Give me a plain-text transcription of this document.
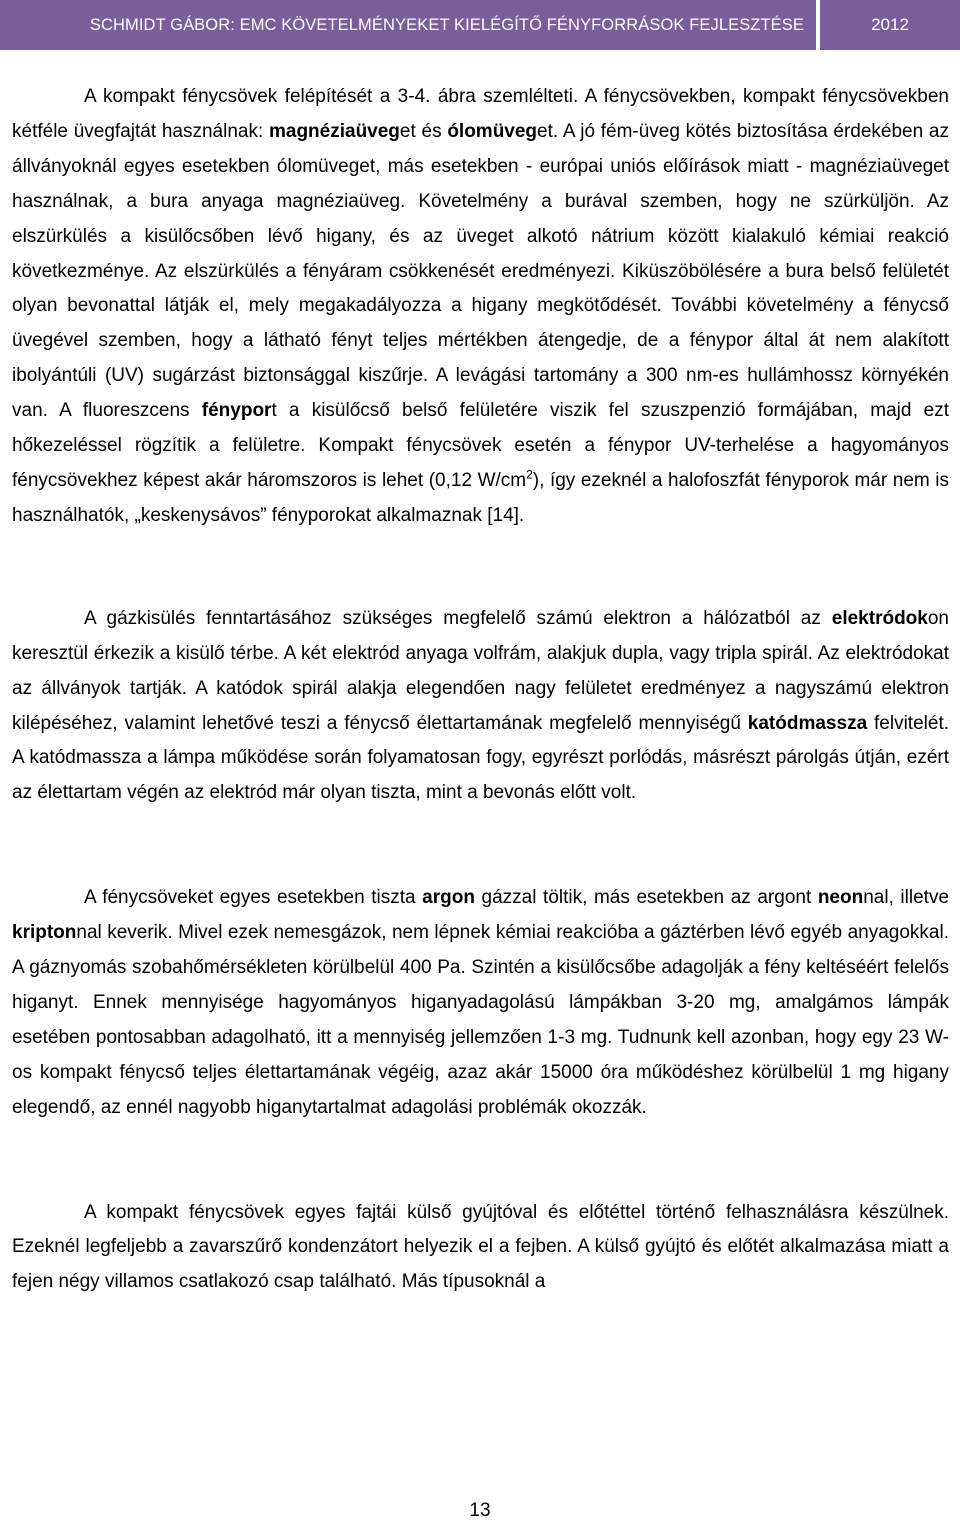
SCHMIDT GÁBOR: EMC KÖVETELMÉNYEKET KIELÉGÍTŐ FÉNYFORRÁSOK FEJLESZTÉSE	2012

A kompakt fénycsövek felépítését a 3-4. ábra szemlélteti. A fénycsövekben, kompakt fénycsövekben kétféle üvegfajtát használnak: magnéziaüveget és ólomüveget. A jó fém-üveg kötés biztosítása érdekében az állványoknál egyes esetekben ólomüveget, más esetekben - európai uniós előírások miatt - magnéziaüveget használnak, a bura anyaga magnéziaüveg. Követelmény a burával szemben, hogy ne szürküljön. Az elszürkülés a kisülőcsőben lévő higany, és az üveget alkotó nátrium között kialakuló kémiai reakció következménye. Az elszürkülés a fényáram csökkenését eredményezi. Kiküszöbölésére a bura belső felületét olyan bevonattal látják el, mely megakadályozza a higany megkötődését. További követelmény a fénycső üvegével szemben, hogy a látható fényt teljes mértékben átengedje, de a fénypor által át nem alakított ibolyántúli (UV) sugárzást biztonsággal kiszűrje. A levágási tartomány a 300 nm-es hullámhossz környékén van. A fluoreszcens fényport a kisülőcső belső felületére viszik fel szuszpenzió formájában, majd ezt hőkezeléssel rögzítik a felületre. Kompakt fénycsövek esetén a fénypor UV-terhelése a hagyományos fénycsövekhez képest akár háromszoros is lehet (0,12 $W/cm^2$), így ezeknél a halofoszfát fényporok már nem is használhatók, „keskenysávos” fényporokat alkalmaznak [14].

A gázkisülés fenntartásához szükséges megfelelő számú elektron a hálózatból az elektródokon keresztül érkezik a kisülő térbe. A két elektród anyaga volfrám, alakjuk dupla, vagy tripla spirál. Az elektródokat az állványok tartják. A katódok spirál alakja elegendően nagy felületet eredményez a nagyszámú elektron kilépéséhez, valamint lehetővé teszi a fénycső élettartamának megfelelő mennyiségű katódmassza felvitelét. A katódmassza a lámpa működése során folyamatosan fogy, egyrészt porlódás, másrészt párolgás útján, ezért az élettartam végén az elektród már olyan tiszta, mint a bevonás előtt volt.

A fénycsöveket egyes esetekben tiszta argon gázzal töltik, más esetekben az argont neonnal, illetve kriptonnal keverik. Mivel ezek nemesgázok, nem lépnek kémiai reakcióba a gáztérben lévő egyéb anyagokkal. A gáznyomás szobahőmérsékleten körülbelül 400 Pa. Szintén a kisülőcsőbe adagolják a fény keltéséért felelős higanyt. Ennek mennyisége hagyományos higanyadagolású lámpákban 3-20 mg, amalgámos lámpák esetében pontosabban adagolható, itt a mennyiség jellemzően 1-3 mg. Tudnunk kell azonban, hogy egy 23 W-os kompakt fénycső teljes élettartamának végéig, azaz akár 15000 óra működéshez körülbelül 1 mg higany elegendő, az ennél nagyobb higanytartalmat adagolási problémák okozzák.

A kompakt fénycsövek egyes fajtái külső gyújtóval és előtéttel történő felhasználásra készülnek. Ezeknél legfeljebb a zavarszűrő kondenzátort helyezik el a fejben. A külső gyújtó és előtét alkalmazása miatt a fejen négy villamos csatlakozó csap található. Más típusoknál a

13
